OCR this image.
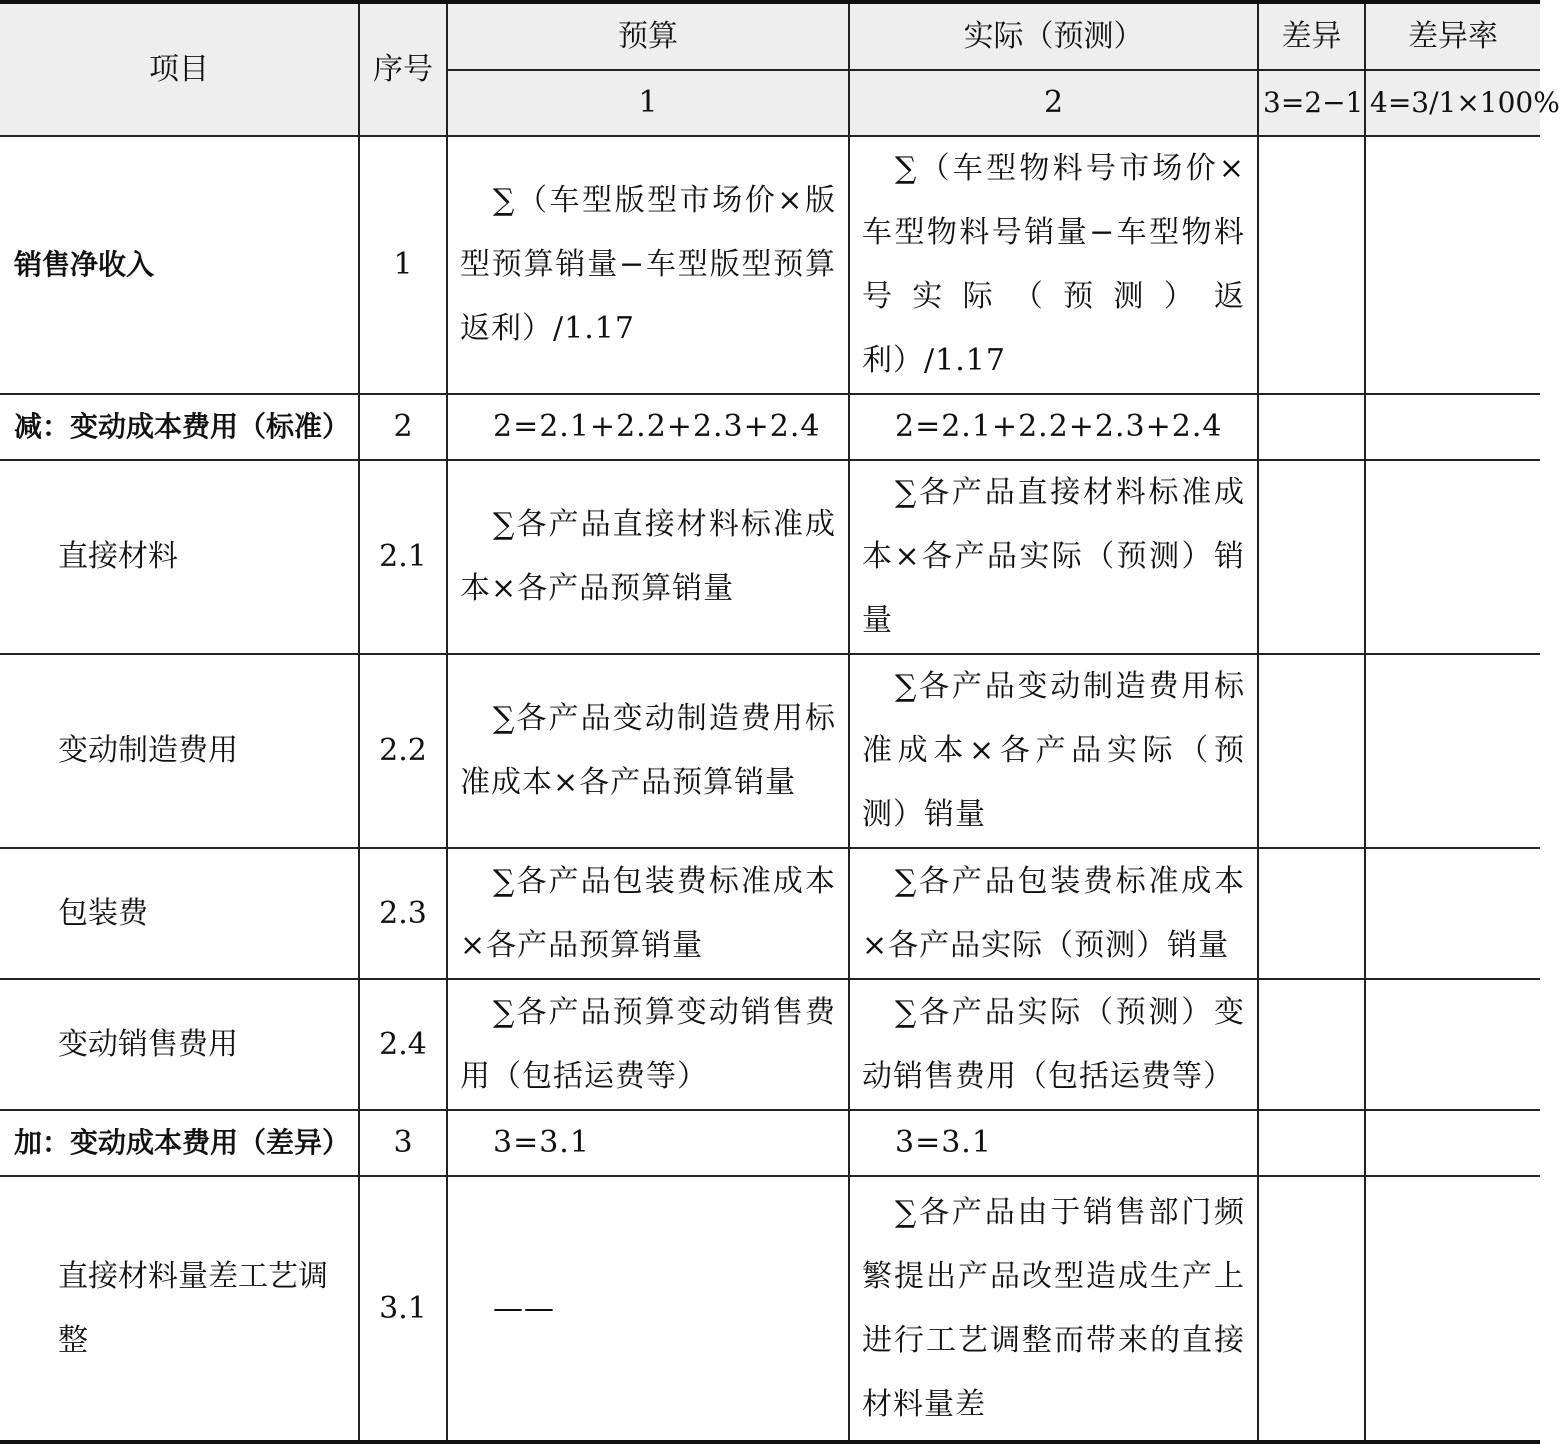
项目	序号	预算	实际（预测）	差异	差异率
		1	2	3=2−1	4=3/1×100%
销售净收入	1	∑（车型版型市场价×版型预算销量−车型版型预算返利）/1.17	∑（车型物料号市场价×车型物料号销量−车型物料号实际（预测）返利）/1.17		
减：变动成本费用（标准）	2	2=2.1+2.2+2.3+2.4	2=2.1+2.2+2.3+2.4		
直接材料	2.1	∑各产品直接材料标准成本×各产品预算销量	∑各产品直接材料标准成本×各产品实际（预测）销量		
变动制造费用	2.2	∑各产品变动制造费用标准成本×各产品预算销量	∑各产品变动制造费用标准成本×各产品实际（预测）销量		
包装费	2.3	∑各产品包装费标准成本×各产品预算销量	∑各产品包装费标准成本×各产品实际（预测）销量		
变动销售费用	2.4	∑各产品预算变动销售费用（包括运费等）	∑各产品实际（预测）变动销售费用（包括运费等）		
加：变动成本费用（差异）	3	3=3.1	3=3.1		
直接材料量差工艺调整	3.1	——	∑各产品由于销售部门频繁提出产品改型造成生产上进行工艺调整而带来的直接材料量差		
